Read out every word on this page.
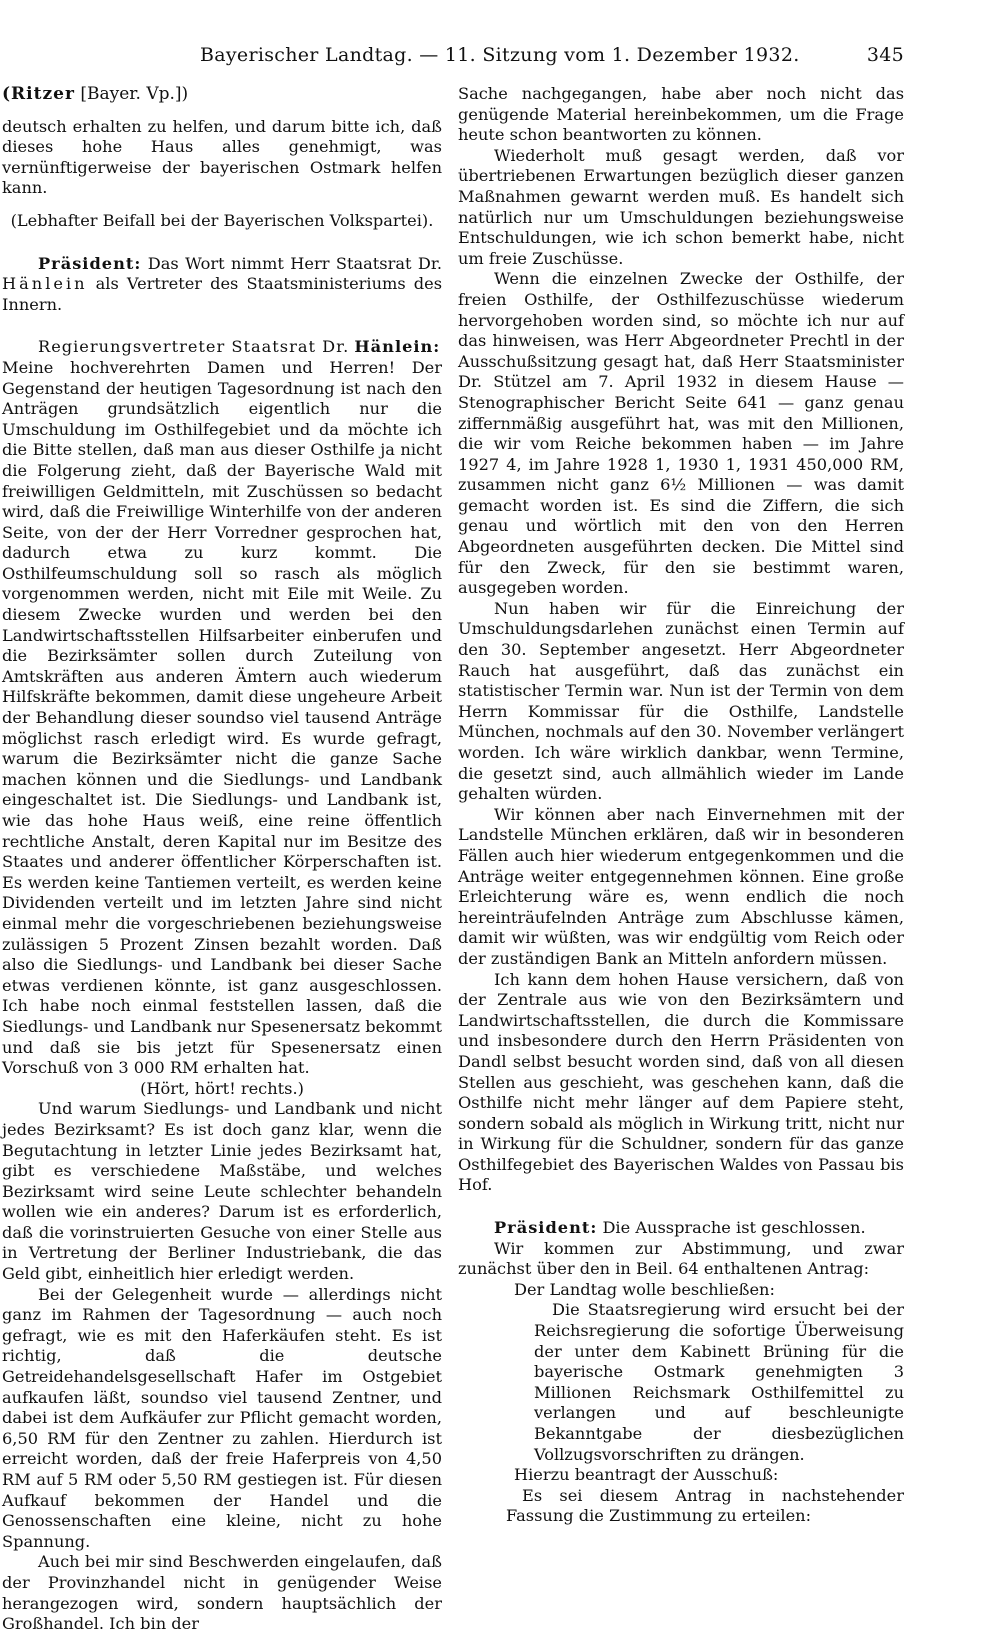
Bayerischer Landtag. — 11. Sitzung vom 1. Dezember 1932.	345

(Ritzer [Bayer. Vp.])

deutsch erhalten zu helfen, und darum bitte ich, daß dieses hohe Haus alles genehmigt, was vernünftigerweise der bayerischen Ostmark helfen kann.

(Lebhafter Beifall bei der Bayerischen Volkspartei).

Präsident: Das Wort nimmt Herr Staatsrat Dr. Hänlein als Vertreter des Staatsministeriums des Innern.

Regierungsvertreter Staatsrat Dr. Hänlein:

Meine hochverehrten Damen und Herren! Der Gegenstand der heutigen Tagesordnung ist nach den Anträgen grundsätzlich eigentlich nur die Umschuldung im Osthilfegebiet und da möchte ich die Bitte stellen, daß man aus dieser Osthilfe ja nicht die Folgerung zieht, daß der Bayerische Wald mit freiwilligen Geldmitteln, mit Zuschüssen so bedacht wird, daß die Freiwillige Winterhilfe von der anderen Seite, von der der Herr Vorredner gesprochen hat, dadurch etwa zu kurz kommt. Die Osthilfeumschuldung soll so rasch als möglich vorgenommen werden, nicht mit Eile mit Weile. Zu diesem Zwecke wurden und werden bei den Landwirtschaftsstellen Hilfsarbeiter einberufen und die Bezirksämter sollen durch Zuteilung von Amtskräften aus anderen Ämtern auch wiederum Hilfskräfte bekommen, damit diese ungeheure Arbeit der Behandlung dieser soundso viel tausend Anträge möglichst rasch erledigt wird. Es wurde gefragt, warum die Bezirksämter nicht die ganze Sache machen können und die Siedlungs- und Landbank eingeschaltet ist. Die Siedlungs- und Landbank ist, wie das hohe Haus weiß, eine reine öffentlich rechtliche Anstalt, deren Kapital nur im Besitze des Staates und anderer öffentlicher Körperschaften ist. Es werden keine Tantiemen verteilt, es werden keine Dividenden verteilt und im letzten Jahre sind nicht einmal mehr die vorgeschriebenen beziehungsweise zulässigen 5 Prozent Zinsen bezahlt worden. Daß also die Siedlungs- und Landbank bei dieser Sache etwas verdienen könnte, ist ganz ausgeschlossen. Ich habe noch einmal feststellen lassen, daß die Siedlungs- und Landbank nur Spesenersatz bekommt und daß sie bis jetzt für Spesenersatz einen Vorschuß von 3 000 RM erhalten hat.

(Hört, hört! rechts.)

Und warum Siedlungs- und Landbank und nicht jedes Bezirksamt? Es ist doch ganz klar, wenn die Begutachtung in letzter Linie jedes Bezirksamt hat, gibt es verschiedene Maßstäbe, und welches Bezirksamt wird seine Leute schlechter behandeln wollen wie ein anderes? Darum ist es erforderlich, daß die vorinstruierten Gesuche von einer Stelle aus in Vertretung der Berliner Industriebank, die das Geld gibt, einheitlich hier erledigt werden.

Bei der Gelegenheit wurde — allerdings nicht ganz im Rahmen der Tagesordnung — auch noch gefragt, wie es mit den Haferkäufen steht. Es ist richtig, daß die deutsche Getreidehandelsgesellschaft Hafer im Ostgebiet aufkaufen läßt, soundso viel tausend Zentner, und dabei ist dem Aufkäufer zur Pflicht gemacht worden, 6,50 RM für den Zentner zu zahlen. Hierdurch ist erreicht worden, daß der freie Haferpreis von 4,50 RM auf 5 RM oder 5,50 RM gestiegen ist. Für diesen Aufkauf bekommen der Handel und die Genossenschaften eine kleine, nicht zu hohe Spannung.

Auch bei mir sind Beschwerden eingelaufen, daß der Provinzhandel nicht in genügender Weise herangezogen wird, sondern hauptsächlich der Großhandel. Ich bin der

Sache nachgegangen, habe aber noch nicht das genügende Material hereinbekommen, um die Frage heute schon beantworten zu können.

Wiederholt muß gesagt werden, daß vor übertriebenen Erwartungen bezüglich dieser ganzen Maßnahmen gewarnt werden muß. Es handelt sich natürlich nur um Umschuldungen beziehungsweise Entschuldungen, wie ich schon bemerkt habe, nicht um freie Zuschüsse.

Wenn die einzelnen Zwecke der Osthilfe, der freien Osthilfe, der Osthilfezuschüsse wiederum hervorgehoben worden sind, so möchte ich nur auf das hinweisen, was Herr Abgeordneter Prechtl in der Ausschußsitzung gesagt hat, daß Herr Staatsminister Dr. Stützel am 7. April 1932 in diesem Hause — Stenographischer Bericht Seite 641 — ganz genau ziffernmäßig ausgeführt hat, was mit den Millionen, die wir vom Reiche bekommen haben — im Jahre 1927 4, im Jahre 1928 1, 1930 1, 1931 450,000 RM, zusammen nicht ganz 6½ Millionen — was damit gemacht worden ist. Es sind die Ziffern, die sich genau und wörtlich mit den von den Herren Abgeordneten ausgeführten decken. Die Mittel sind für den Zweck, für den sie bestimmt waren, ausgegeben worden.

Nun haben wir für die Einreichung der Umschuldungsdarlehen zunächst einen Termin auf den 30. September angesetzt. Herr Abgeordneter Rauch hat ausgeführt, daß das zunächst ein statistischer Termin war. Nun ist der Termin von dem Herrn Kommissar für die Osthilfe, Landstelle München, nochmals auf den 30. November verlängert worden. Ich wäre wirklich dankbar, wenn Termine, die gesetzt sind, auch allmählich wieder im Lande gehalten würden.

Wir können aber nach Einvernehmen mit der Landstelle München erklären, daß wir in besonderen Fällen auch hier wiederum entgegenkommen und die Anträge weiter entgegennehmen können. Eine große Erleichterung wäre es, wenn endlich die noch hereinträufelnden Anträge zum Abschlusse kämen, damit wir wüßten, was wir endgültig vom Reich oder der zuständigen Bank an Mitteln anfordern müssen.

Ich kann dem hohen Hause versichern, daß von der Zentrale aus wie von den Bezirksämtern und Landwirtschaftsstellen, die durch die Kommissare und insbesondere durch den Herrn Präsidenten von Dandl selbst besucht worden sind, daß von all diesen Stellen aus geschieht, was geschehen kann, daß die Osthilfe nicht mehr länger auf dem Papiere steht, sondern sobald als möglich in Wirkung tritt, nicht nur in Wirkung für die Schuldner, sondern für das ganze Osthilfegebiet des Bayerischen Waldes von Passau bis Hof.

Präsident: Die Aussprache ist geschlossen.

Wir kommen zur Abstimmung, und zwar zunächst über den in Beil. 64 enthaltenen Antrag:

Der Landtag wolle beschließen:

Die Staatsregierung wird ersucht bei der Reichsregierung die sofortige Überweisung der unter dem Kabinett Brüning für die bayerische Ostmark genehmigten 3 Millionen Reichsmark Osthilfemittel zu verlangen und auf beschleunigte Bekanntgabe der diesbezüglichen Vollzugsvorschriften zu drängen.

Hierzu beantragt der Ausschuß:

Es sei diesem Antrag in nachstehender Fassung die Zustimmung zu erteilen:
